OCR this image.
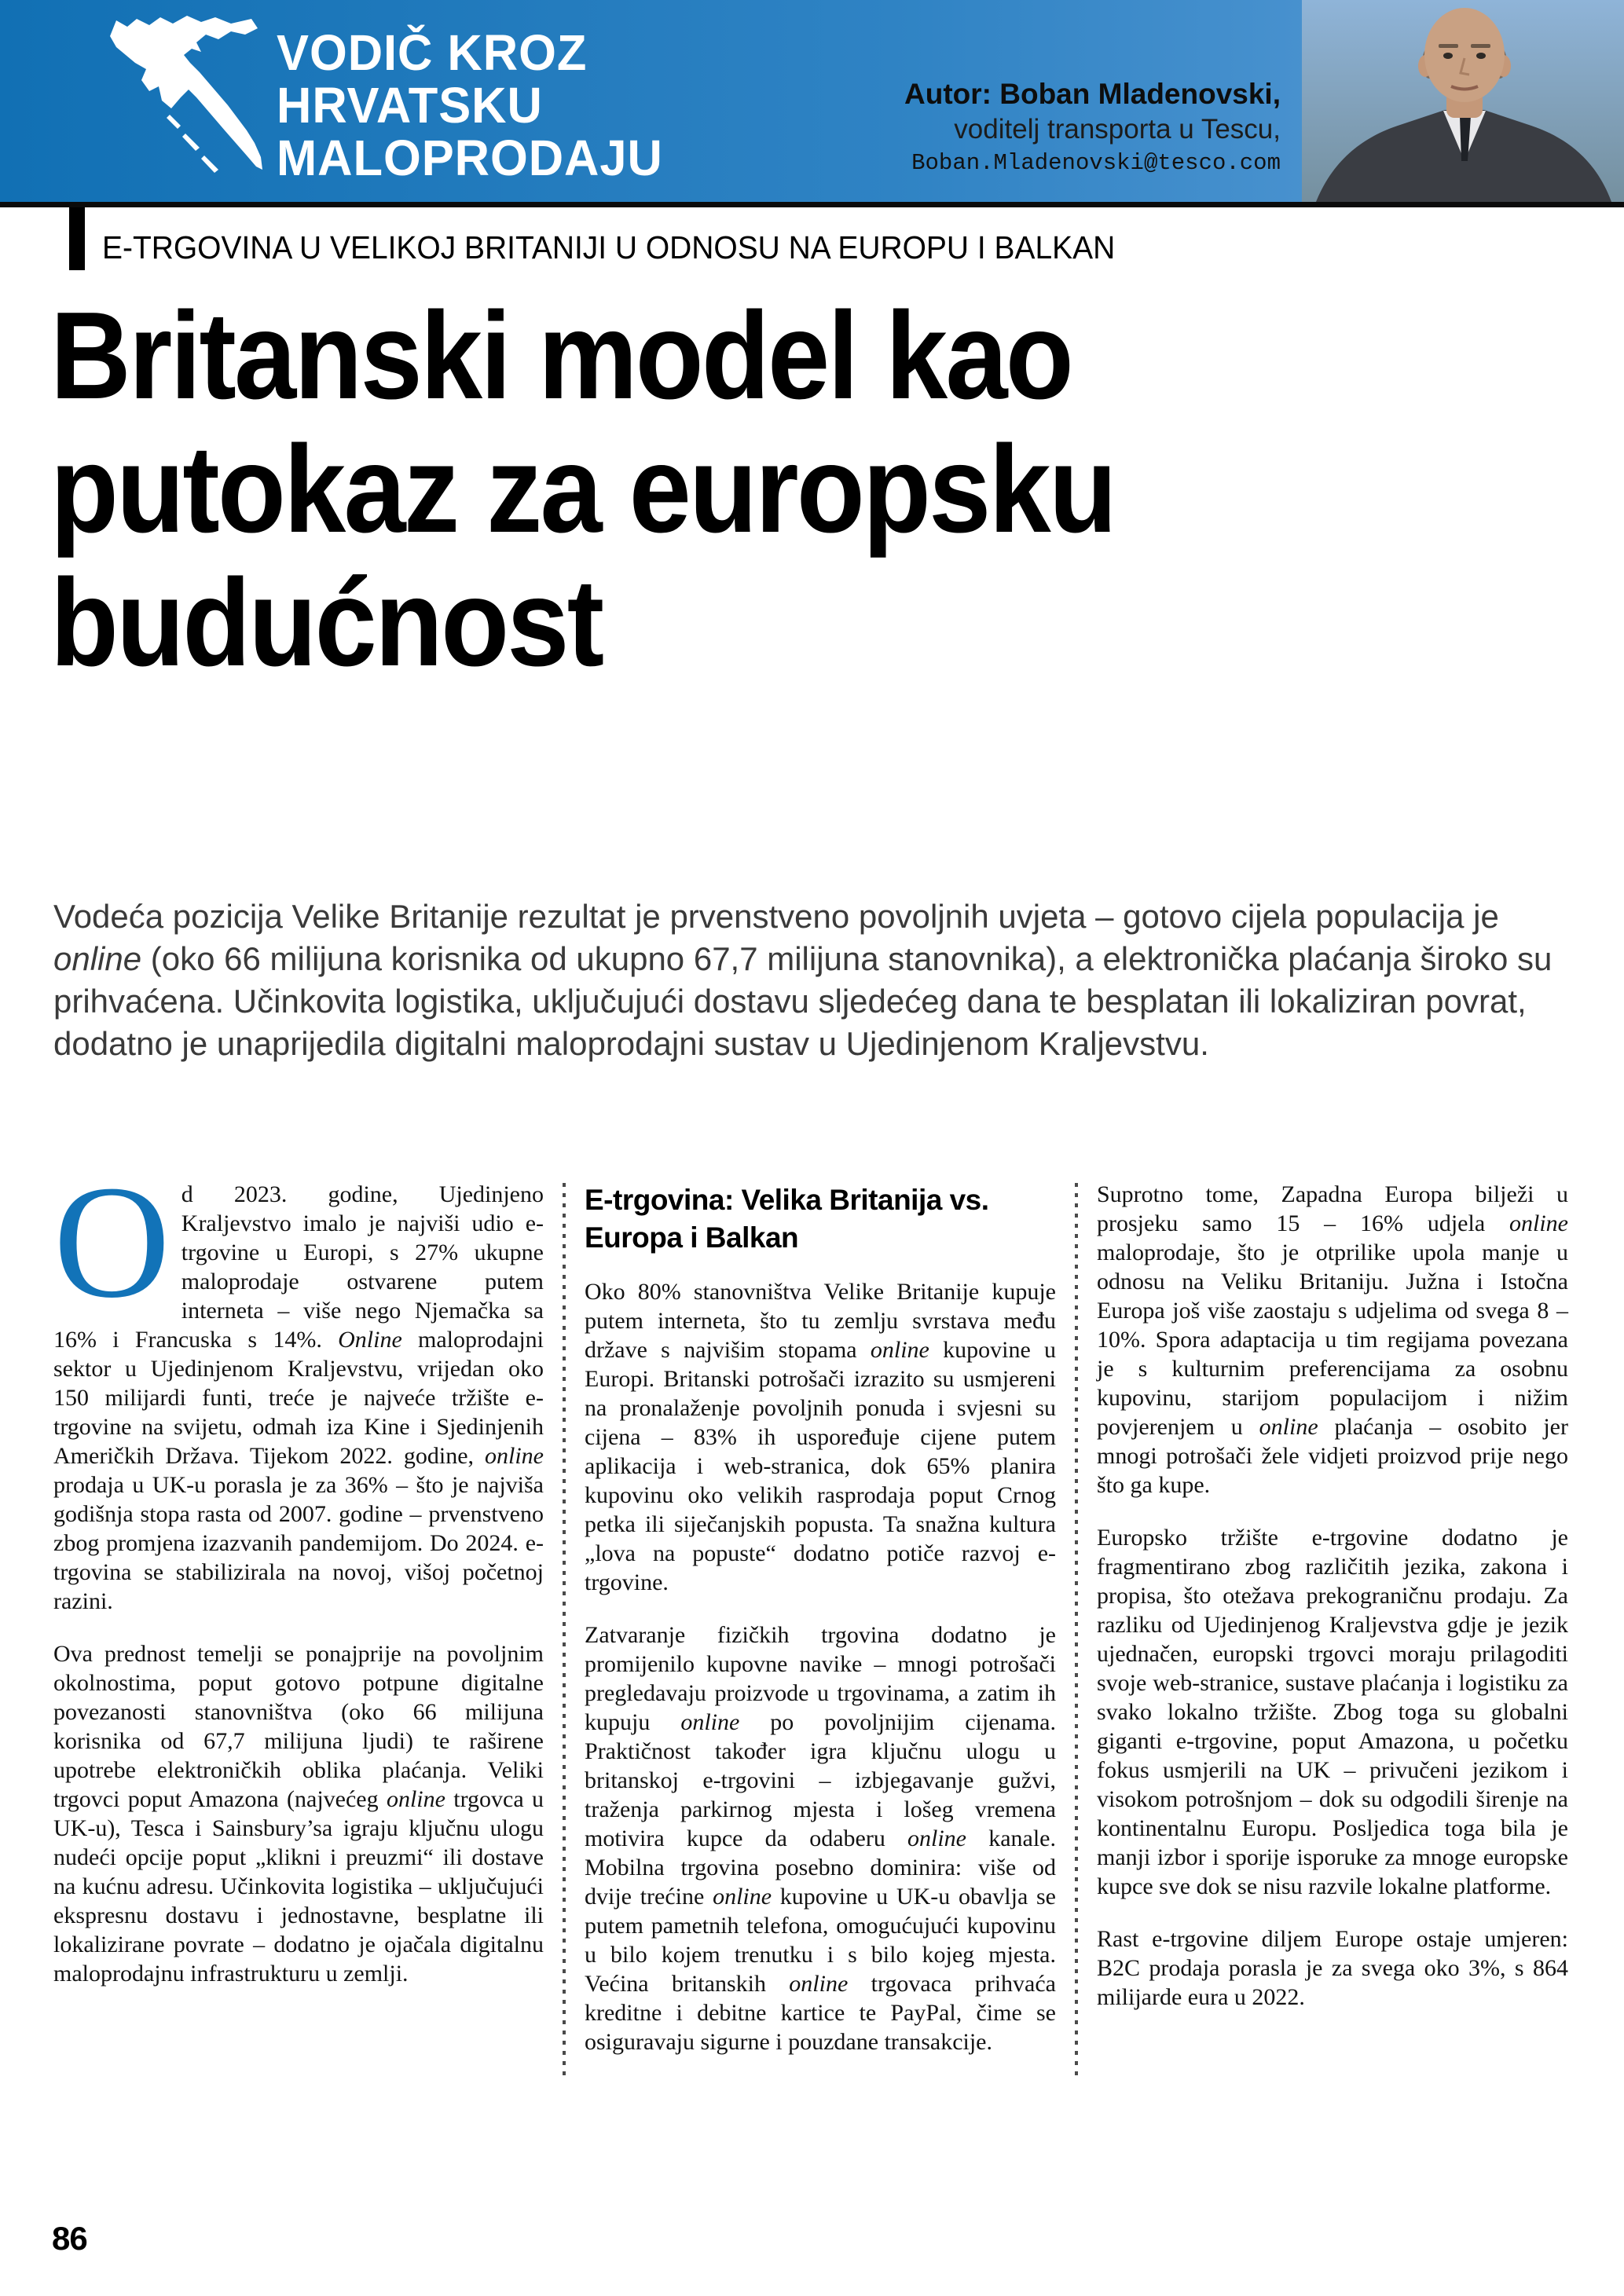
VODIČ KROZ
HRVATSKU
MALOPRODAJU
Autor: Boban Mladenovski,
voditelj transporta u Tescu,
Boban.Mladenovski@tesco.com
E-TRGOVINA U VELIKOJ BRITANIJI U ODNOSU NA EUROPU I BALKAN
Britanski model kao
putokaz za europsku
budućnost

Vodeća pozicija Velike Britanije rezultat je prvenstveno povoljnih uvjeta – gotovo cijela populacija je online (oko 66 milijuna korisnika od ukupno 67,7 milijuna stanovnika), a elektronička plaćanja široko su prihvaćena. Učinkovita logistika, uključujući dostavu sljedećeg dana te besplatan ili lokaliziran povrat, dodatno je unaprijedila digitalni maloprodajni sustav u Ujedinjenom Kraljevstvu.

Od 2023. godine, Ujedinjeno Kraljevstvo imalo je najviši udio e-trgovine u Europi, s 27% ukupne maloprodaje ostvarene putem interneta – više nego Njemačka sa 16% i Francuska s 14%. Online maloprodajni sektor u Ujedinjenom Kraljevstvu, vrijedan oko 150 milijardi funti, treće je najveće tržište e-trgovine na svijetu, odmah iza Kine i Sjedinjenih Američkih Država. Tijekom 2022. godine, online prodaja u UK-u porasla je za 36% – što je najviša godišnja stopa rasta od 2007. godine – prvenstveno zbog promjena izazvanih pandemijom. Do 2024. e-trgovina se stabilizirala na novoj, višoj početnoj razini.

Ova prednost temelji se ponajprije na povoljnim okolnostima, poput gotovo potpune digitalne povezanosti stanovništva (oko 66 milijuna korisnika od 67,7 milijuna ljudi) te raširene upotrebe elektroničkih oblika plaćanja. Veliki trgovci poput Amazona (najvećeg online trgovca u UK-u), Tesca i Sainsbury’sa igraju ključnu ulogu nudeći opcije poput „klikni i preuzmi“ ili dostave na kućnu adresu. Učinkovita logistika – uključujući ekspresnu dostavu i jednostavne, besplatne ili lokalizirane povrate – dodatno je ojačala digitalnu maloprodajnu infrastrukturu u zemlji.

E-trgovina: Velika Britanija vs. Europa i Balkan

Oko 80% stanovništva Velike Britanije kupuje putem interneta, što tu zemlju svrstava među države s najvišim stopama online kupovine u Europi. Britanski potrošači izrazito su usmjereni na pronalaženje povoljnih ponuda i svjesni su cijena – 83% ih uspoređuje cijene putem aplikacija i web-stranica, dok 65% planira kupovinu oko velikih rasprodaja poput Crnog petka ili siječanjskih popusta. Ta snažna kultura „lova na popuste“ dodatno potiče razvoj e-trgovine.

Zatvaranje fizičkih trgovina dodatno je promijenilo kupovne navike – mnogi potrošači pregledavaju proizvode u trgovinama, a zatim ih kupuju online po povoljnijim cijenama. Praktičnost također igra ključnu ulogu u britanskoj e-trgovini – izbjegavanje gužvi, traženja parkirnog mjesta i lošeg vremena motivira kupce da odaberu online kanale. Mobilna trgovina posebno dominira: više od dvije trećine online kupovine u UK-u obavlja se putem pametnih telefona, omogućujući kupovinu u bilo kojem trenutku i s bilo kojeg mjesta. Većina britanskih online trgovaca prihvaća kreditne i debitne kartice te PayPal, čime se osiguravaju sigurne i pouzdane transakcije.

Suprotno tome, Zapadna Europa bilježi u prosjeku samo 15 – 16% udjela online maloprodaje, što je otprilike upola manje u odnosu na Veliku Britaniju. Južna i Istočna Europa još više zaostaju s udjelima od svega 8 – 10%. Spora adaptacija u tim regijama povezana je s kulturnim preferencijama za osobnu kupovinu, starijom populacijom i nižim povjerenjem u online plaćanja – osobito jer mnogi potrošači žele vidjeti proizvod prije nego što ga kupe.

Europsko tržište e-trgovine dodatno je fragmentirano zbog različitih jezika, zakona i propisa, što otežava prekograničnu prodaju. Za razliku od Ujedinjenog Kraljevstva gdje je jezik ujednačen, europski trgovci moraju prilagoditi svoje web-stranice, sustave plaćanja i logistiku za svako lokalno tržište. Zbog toga su globalni giganti e-trgovine, poput Amazona, u početku fokus usmjerili na UK – privučeni jezikom i visokom potrošnjom – dok su odgodili širenje na kontinentalnu Europu. Posljedica toga bila je manji izbor i sporije isporuke za mnoge europske kupce sve dok se nisu razvile lokalne platforme.

Rast e-trgovine diljem Europe ostaje umjeren: B2C prodaja porasla je za svega oko 3%, s 864 milijarde eura u 2022.

86
